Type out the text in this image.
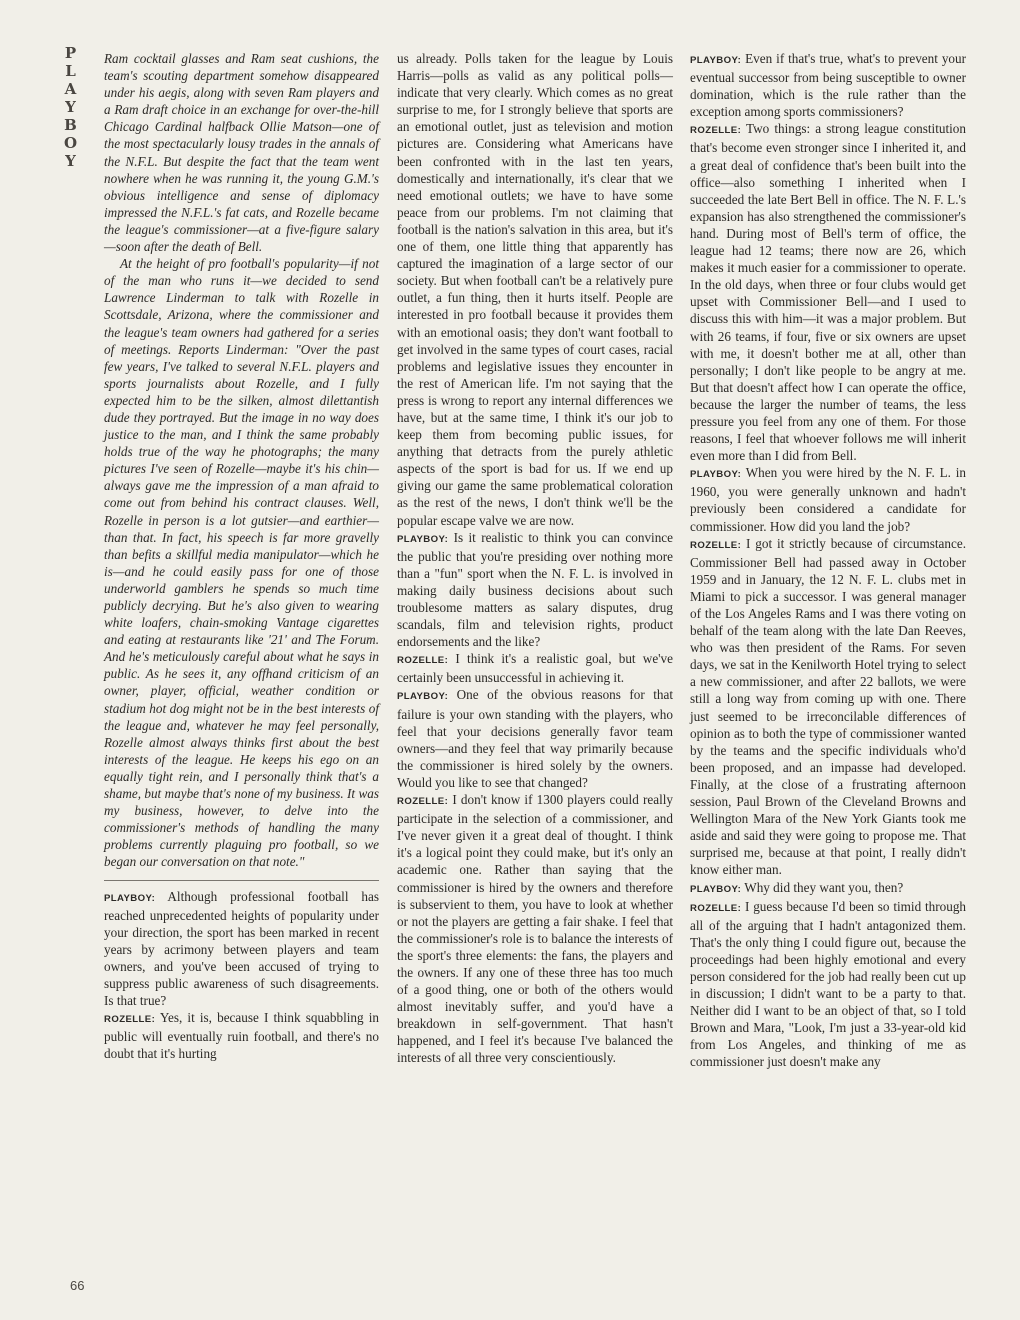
P
L
A
Y
B
O
Y

Ram cocktail glasses and Ram seat cushions, the team's scouting department somehow disappeared under his aegis, along with seven Ram players and a Ram draft choice in an exchange for over-the-hill Chicago Cardinal halfback Ollie Matson—one of the most spectacularly lousy trades in the annals of the N.F.L. But despite the fact that the team went nowhere when he was running it, the young G.M.'s obvious intelligence and sense of diplomacy impressed the N.F.L.'s fat cats, and Rozelle became the league's commissioner—at a five-figure salary—soon after the death of Bell.

At the height of pro football's popularity—if not of the man who runs it—we decided to send Lawrence Linderman to talk with Rozelle in Scottsdale, Arizona, where the commissioner and the league's team owners had gathered for a series of meetings. Reports Linderman: "Over the past few years, I've talked to several N.F.L. players and sports journalists about Rozelle, and I fully expected him to be the silken, almost dilettantish dude they portrayed. But the image in no way does justice to the man, and I think the same probably holds true of the way he photographs; the many pictures I've seen of Rozelle—maybe it's his chin—always gave me the impression of a man afraid to come out from behind his contract clauses. Well, Rozelle in person is a lot gutsier—and earthier—than that. In fact, his speech is far more gravelly than befits a skillful media manipulator—which he is—and he could easily pass for one of those underworld gamblers he spends so much time publicly decrying. But he's also given to wearing white loafers, chain-smoking Vantage cigarettes and eating at restaurants like '21' and The Forum. And he's meticulously careful about what he says in public. As he sees it, any offhand criticism of an owner, player, official, weather condition or stadium hot dog might not be in the best interests of the league and, whatever he may feel personally, Rozelle almost always thinks first about the best interests of the league. He keeps his ego on an equally tight rein, and I personally think that's a shame, but maybe that's none of my business. It was my business, however, to delve into the commissioner's methods of handling the many problems currently plaguing pro football, so we began our conversation on that note."

PLAYBOY: Although professional football has reached unprecedented heights of popularity under your direction, the sport has been marked in recent years by acrimony between players and team owners, and you've been accused of trying to suppress public awareness of such disagreements. Is that true?

ROZELLE: Yes, it is, because I think squabbling in public will eventually ruin football, and there's no doubt that it's hurting

us already. Polls taken for the league by Louis Harris—polls as valid as any political polls—indicate that very clearly. Which comes as no great surprise to me, for I strongly believe that sports are an emotional outlet, just as television and motion pictures are. Considering what Americans have been confronted with in the last ten years, domestically and internationally, it's clear that we need emotional outlets; we have to have some peace from our problems. I'm not claiming that football is the nation's salvation in this area, but it's one of them, one little thing that apparently has captured the imagination of a large sector of our society. But when football can't be a relatively pure outlet, a fun thing, then it hurts itself. People are interested in pro football because it provides them with an emotional oasis; they don't want football to get involved in the same types of court cases, racial problems and legislative issues they encounter in the rest of American life. I'm not saying that the press is wrong to report any internal differences we have, but at the same time, I think it's our job to keep them from becoming public issues, for anything that detracts from the purely athletic aspects of the sport is bad for us. If we end up giving our game the same problematical coloration as the rest of the news, I don't think we'll be the popular escape valve we are now.

PLAYBOY: Is it realistic to think you can convince the public that you're presiding over nothing more than a "fun" sport when the N. F. L. is involved in making daily business decisions about such troublesome matters as salary disputes, drug scandals, film and television rights, product endorsements and the like?

ROZELLE: I think it's a realistic goal, but we've certainly been unsuccessful in achieving it.

PLAYBOY: One of the obvious reasons for that failure is your own standing with the players, who feel that your decisions generally favor team owners—and they feel that way primarily because the commissioner is hired solely by the owners. Would you like to see that changed?

ROZELLE: I don't know if 1300 players could really participate in the selection of a commissioner, and I've never given it a great deal of thought. I think it's a logical point they could make, but it's only an academic one. Rather than saying that the commissioner is hired by the owners and therefore is subservient to them, you have to look at whether or not the players are getting a fair shake. I feel that the commissioner's role is to balance the interests of the sport's three elements: the fans, the players and the owners. If any one of these three has too much of a good thing, one or both of the others would almost inevitably suffer, and you'd have a breakdown in self-government. That hasn't happened, and I feel it's because I've balanced the interests of all three very conscientiously.

PLAYBOY: Even if that's true, what's to prevent your eventual successor from being susceptible to owner domination, which is the rule rather than the exception among sports commissioners?

ROZELLE: Two things: a strong league constitution that's become even stronger since I inherited it, and a great deal of confidence that's been built into the office—also something I inherited when I succeeded the late Bert Bell in office. The N. F. L.'s expansion has also strengthened the commissioner's hand. During most of Bell's term of office, the league had 12 teams; there now are 26, which makes it much easier for a commissioner to operate. In the old days, when three or four clubs would get upset with Commissioner Bell—and I used to discuss this with him—it was a major problem. But with 26 teams, if four, five or six owners are upset with me, it doesn't bother me at all, other than personally; I don't like people to be angry at me. But that doesn't affect how I can operate the office, because the larger the number of teams, the less pressure you feel from any one of them. For those reasons, I feel that whoever follows me will inherit even more than I did from Bell.

PLAYBOY: When you were hired by the N. F. L. in 1960, you were generally unknown and hadn't previously been considered a candidate for commissioner. How did you land the job?

ROZELLE: I got it strictly because of circumstance. Commissioner Bell had passed away in October 1959 and in January, the 12 N. F. L. clubs met in Miami to pick a successor. I was general manager of the Los Angeles Rams and I was there voting on behalf of the team along with the late Dan Reeves, who was then president of the Rams. For seven days, we sat in the Kenilworth Hotel trying to select a new commissioner, and after 22 ballots, we were still a long way from coming up with one. There just seemed to be irreconcilable differences of opinion as to both the type of commissioner wanted by the teams and the specific individuals who'd been proposed, and an impasse had developed. Finally, at the close of a frustrating afternoon session, Paul Brown of the Cleveland Browns and Wellington Mara of the New York Giants took me aside and said they were going to propose me. That surprised me, because at that point, I really didn't know either man.

PLAYBOY: Why did they want you, then?

ROZELLE: I guess because I'd been so timid through all of the arguing that I hadn't antagonized them. That's the only thing I could figure out, because the proceedings had been highly emotional and every person considered for the job had really been cut up in discussion; I didn't want to be a party to that. Neither did I want to be an object of that, so I told Brown and Mara, "Look, I'm just a 33-year-old kid from Los Angeles, and thinking of me as commissioner just doesn't make any

66
